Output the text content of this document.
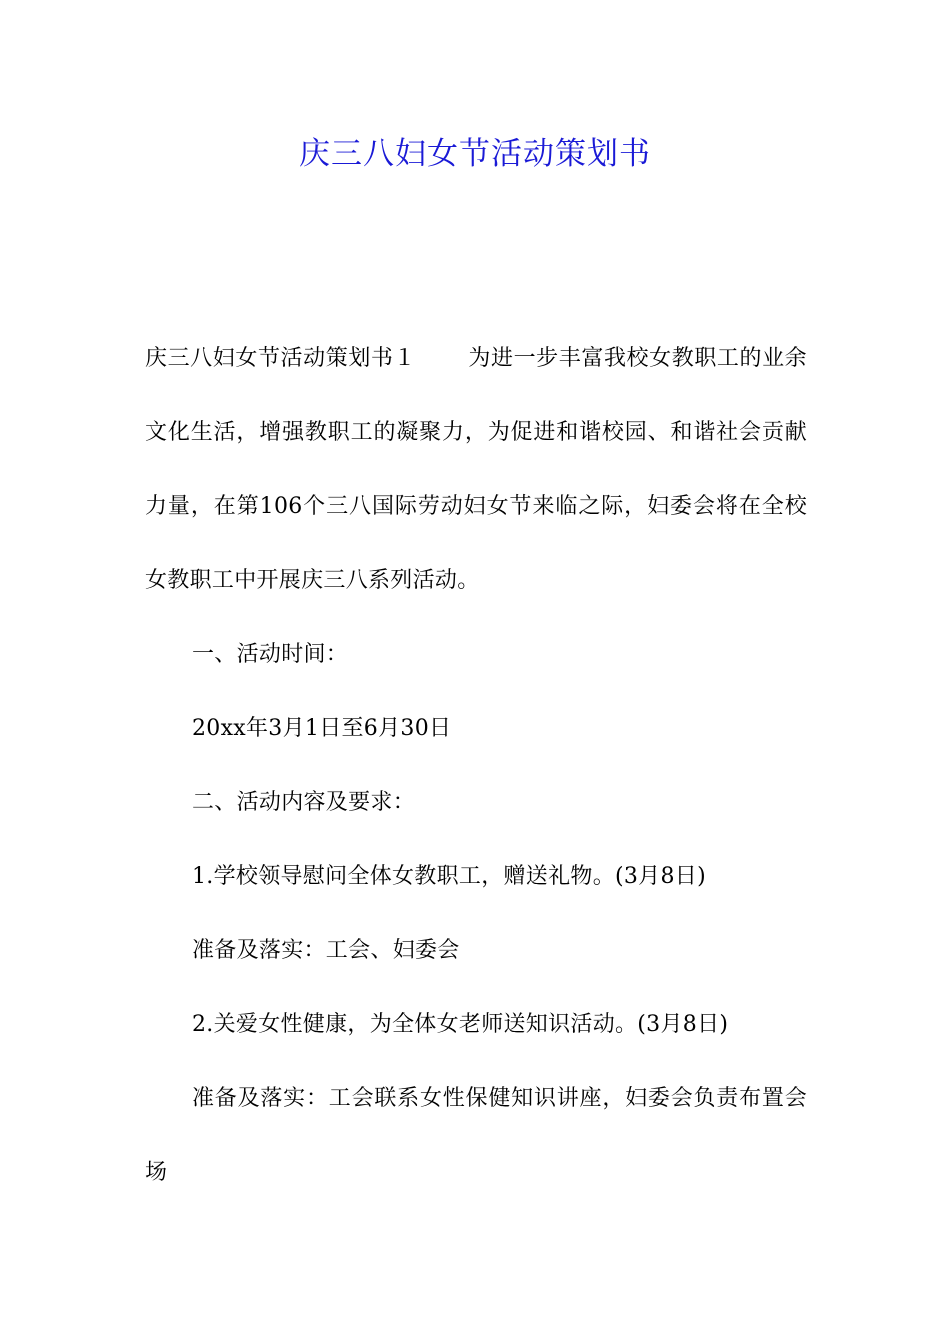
庆三八妇女节活动策划书
庆三八妇女节活动策划书１ 为进一步丰富我校女教职工的业余文化生活，增强教职工的凝聚力，为促进和谐校园、和谐社会贡献力量，在第106个三八国际劳动妇女节来临之际，妇委会将在全校女教职工中开展庆三八系列活动。
一、活动时间：
20xx年3月1日至6月30日
二、活动内容及要求：
1.学校领导慰问全体女教职工，赠送礼物。(3月8日)
准备及落实：工会、妇委会
2.关爱女性健康，为全体女老师送知识活动。(3月8日)
准备及落实：工会联系女性保健知识讲座，妇委会负责布置会场
